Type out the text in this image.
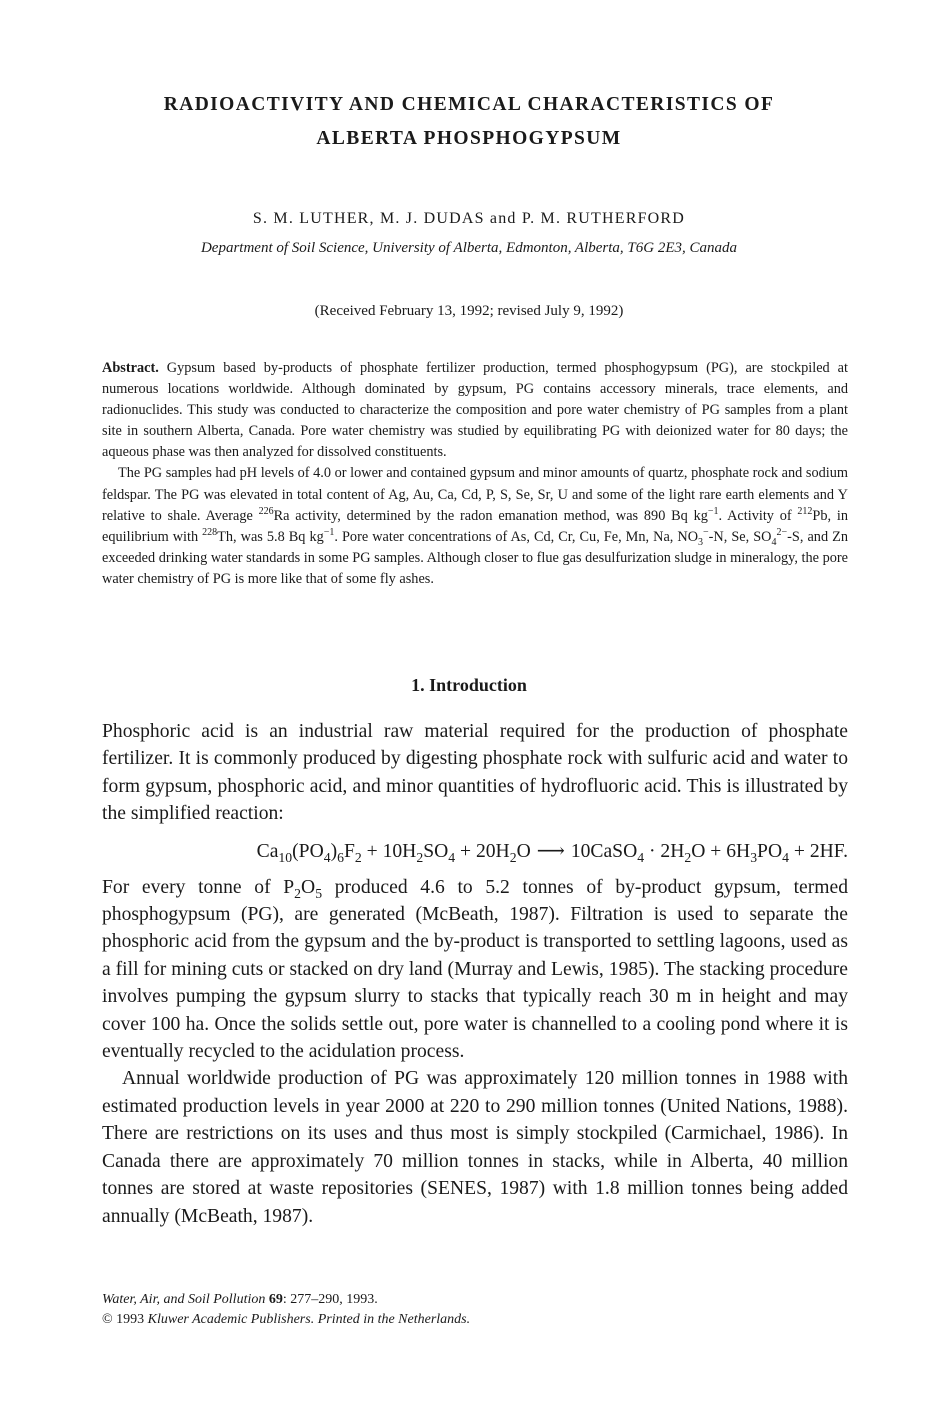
RADIOACTIVITY AND CHEMICAL CHARACTERISTICS OF
ALBERTA PHOSPHOGYPSUM
S. M. LUTHER, M. J. DUDAS and P. M. RUTHERFORD
Department of Soil Science, University of Alberta, Edmonton, Alberta, T6G 2E3, Canada
(Received February 13, 1992; revised July 9, 1992)

Abstract. Gypsum based by-products of phosphate fertilizer production, termed phosphogypsum (PG), are stockpiled at numerous locations worldwide. Although dominated by gypsum, PG contains accessory minerals, trace elements, and radionuclides. This study was conducted to characterize the composition and pore water chemistry of PG samples from a plant site in southern Alberta, Canada. Pore water chemistry was studied by equilibrating PG with deionized water for 80 days; the aqueous phase was then analyzed for dissolved constituents.

The PG samples had pH levels of 4.0 or lower and contained gypsum and minor amounts of quartz, phosphate rock and sodium feldspar. The PG was elevated in total content of Ag, Au, Ca, Cd, P, S, Se, Sr, U and some of the light rare earth elements and Y relative to shale. Average $^{226}$Ra activity, determined by the radon emanation method, was 890 Bq $kg^{-1}$. Activity of $^{212}$Pb, in equilibrium with $^{228}$Th, was 5.8 Bq $kg^{-1}$. Pore water concentrations of As, Cd, Cr, Cu, Fe, Mn, Na, $NO_3^--N$, Se, $SO_4^{2-}-S$, and Zn exceeded drinking water standards in some PG samples. Although closer to flue gas desulfurization sludge in mineralogy, the pore water chemistry of PG is more like that of some fly ashes.

1. Introduction

Phosphoric acid is an industrial raw material required for the production of phosphate fertilizer. It is commonly produced by digesting phosphate rock with sulfuric acid and water to form gypsum, phosphoric acid, and minor quantities of hydrofluoric acid. This is illustrated by the simplified reaction:

$Ca_{10}(PO_4)_6F_2 + 10H_2SO_4 + 20H_2O$ ⟶ 10CaSO$_4$ · $2H_2O + 6H_3PO_4 + 2HF$.

For every tonne of $P_2O_5$ produced 4.6 to 5.2 tonnes of by-product gypsum, termed phosphogypsum (PG), are generated (McBeath, 1987). Filtration is used to separate the phosphoric acid from the gypsum and the by-product is transported to settling lagoons, used as a fill for mining cuts or stacked on dry land (Murray and Lewis, 1985). The stacking procedure involves pumping the gypsum slurry to stacks that typically reach 30 m in height and may cover 100 ha. Once the solids settle out, pore water is channelled to a cooling pond where it is eventually recycled to the acidulation process.

Annual worldwide production of PG was approximately 120 million tonnes in 1988 with estimated production levels in year 2000 at 220 to 290 million tonnes (United Nations, 1988). There are restrictions on its uses and thus most is simply stockpiled (Carmichael, 1986). In Canada there are approximately 70 million tonnes in stacks, while in Alberta, 40 million tonnes are stored at waste repositories (SENES, 1987) with 1.8 million tonnes being added annually (McBeath, 1987).

Water, Air, and Soil Pollution 69: 277–290, 1993.
© 1993 Kluwer Academic Publishers. Printed in the Netherlands.
